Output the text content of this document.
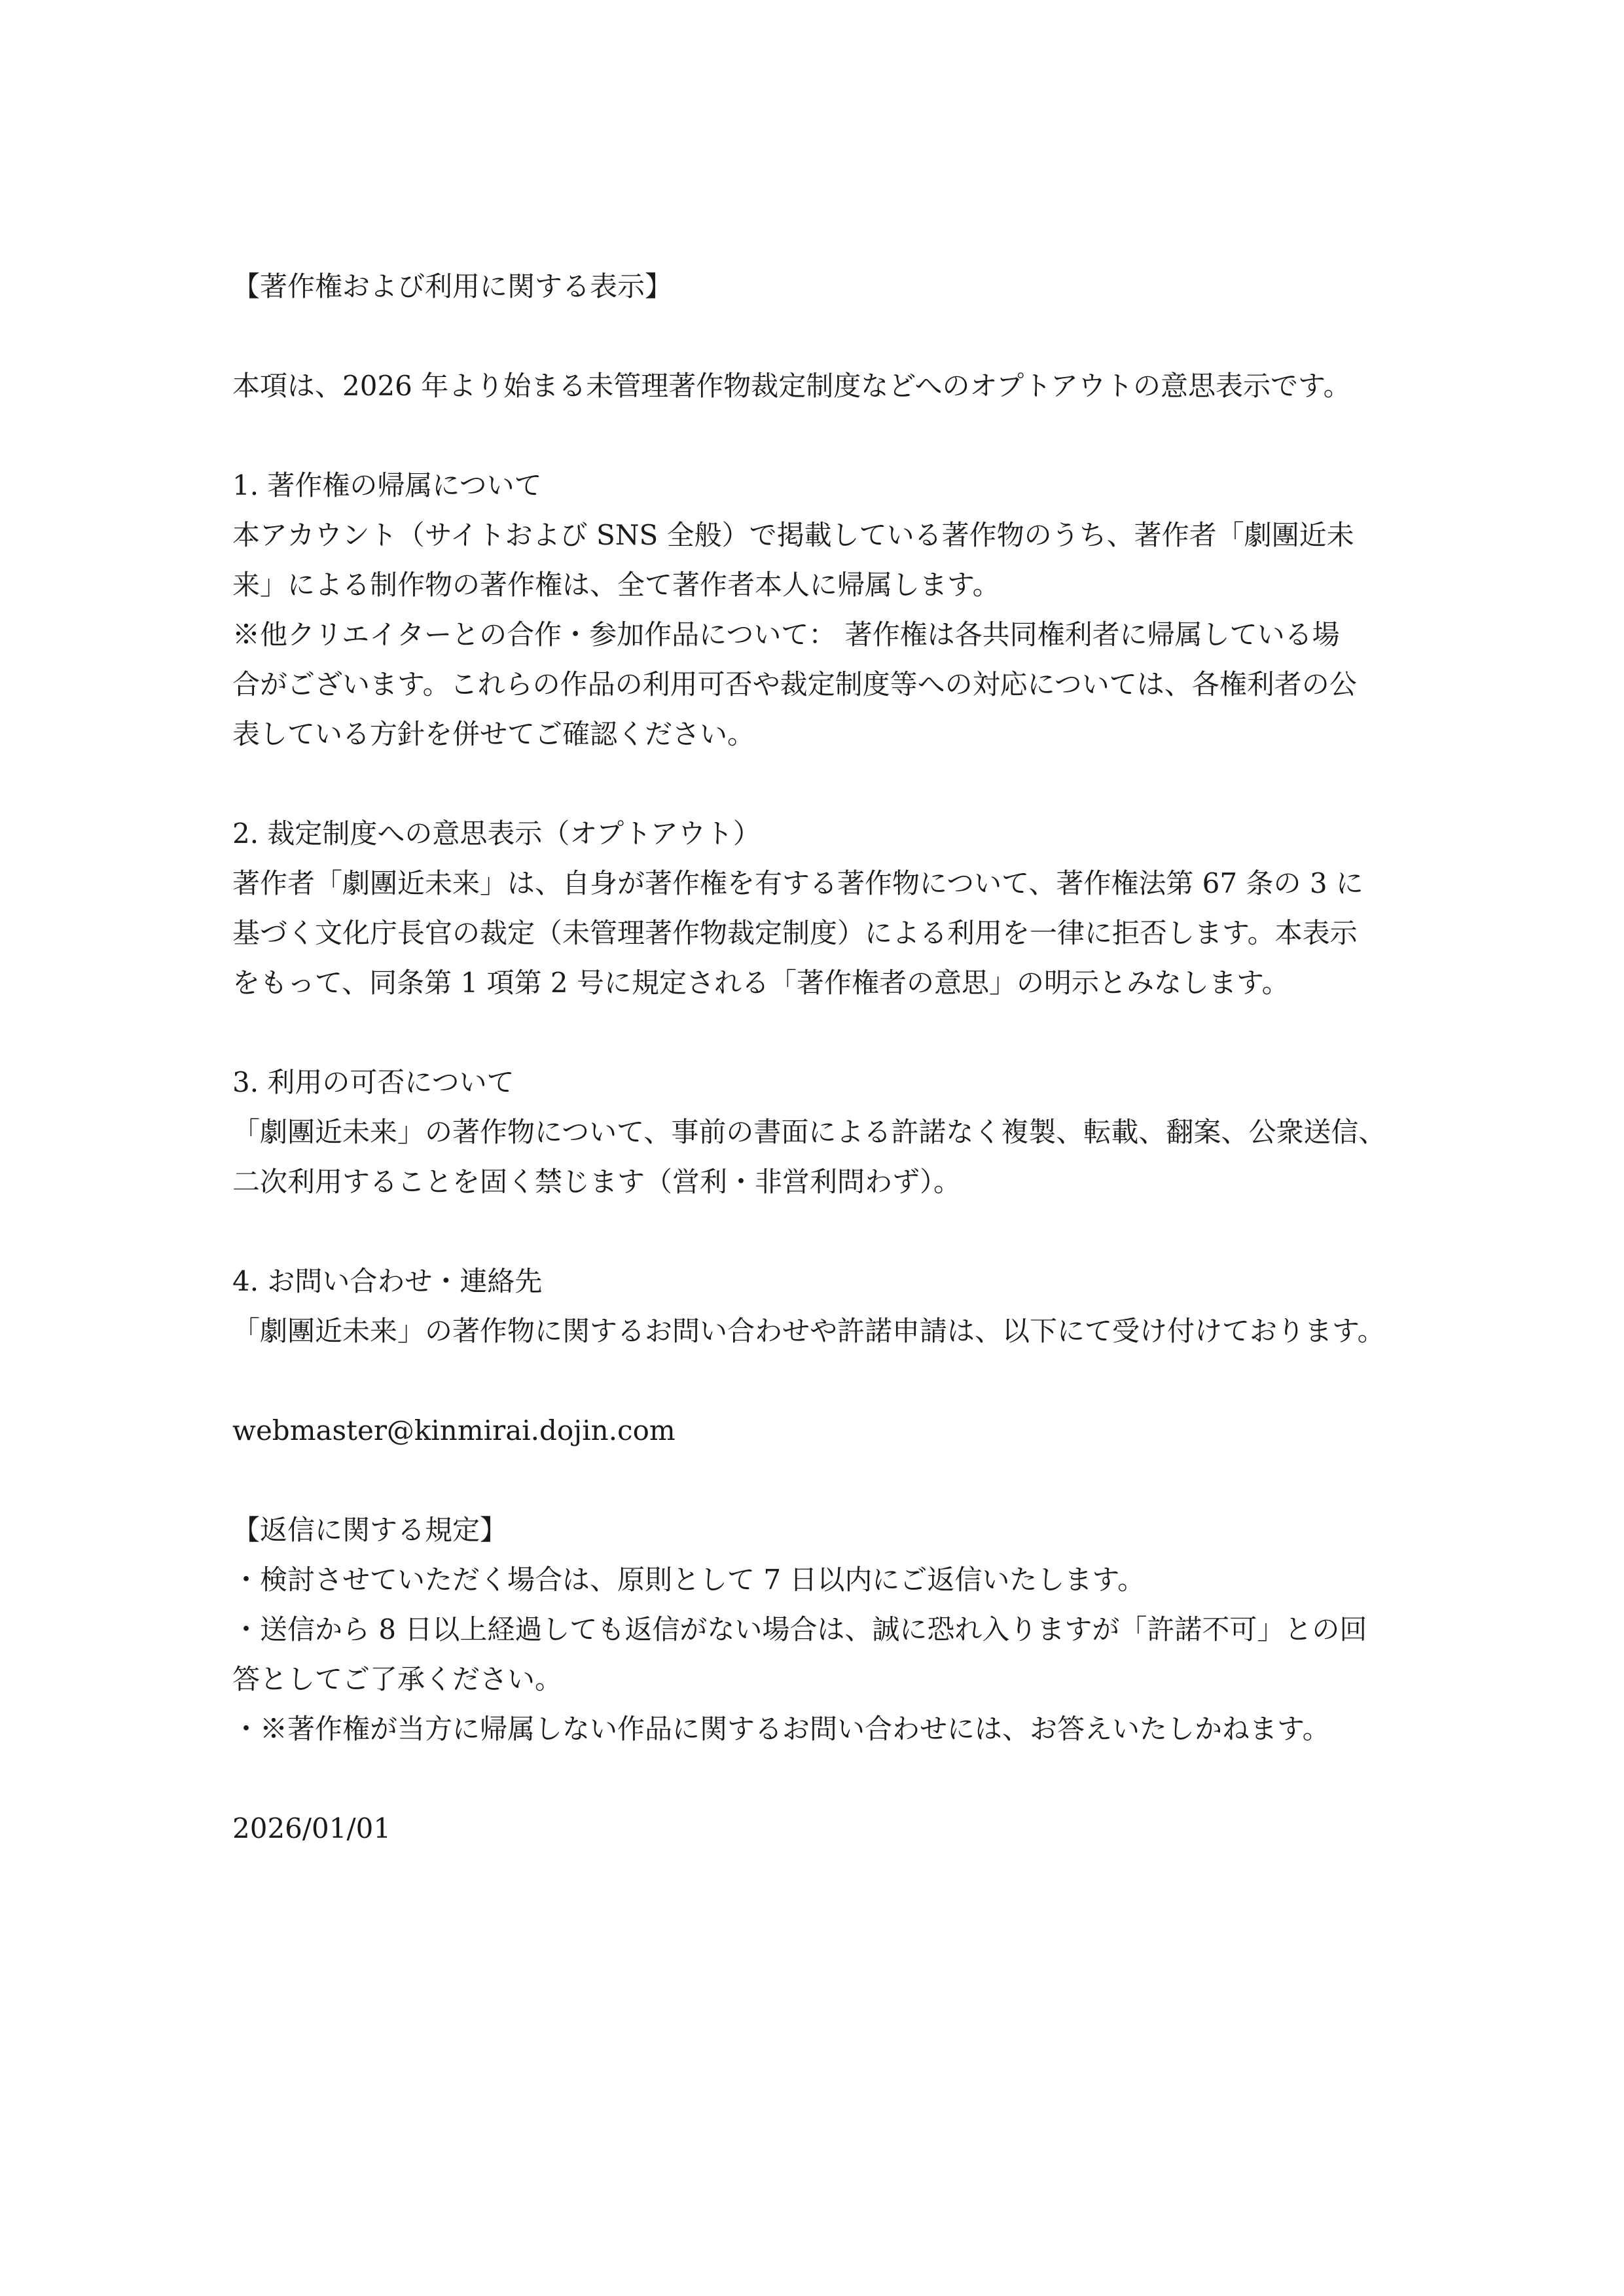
【著作権および利用に関する表示】
本項は、2026 年より始まる未管理著作物裁定制度などへのオプトアウトの意思表示です。
1. 著作権の帰属について
本アカウント（サイトおよび SNS 全般）で掲載している著作物のうち、著作者「劇團近未
来」による制作物の著作権は、全て著作者本人に帰属します。
※他クリエイターとの合作・参加作品について： 著作権は各共同権利者に帰属している場
合がございます。これらの作品の利用可否や裁定制度等への対応については、各権利者の公
表している方針を併せてご確認ください。
2. 裁定制度への意思表示（オプトアウト）
著作者「劇團近未来」は、自身が著作権を有する著作物について、著作権法第 67 条の 3 に
基づく文化庁長官の裁定（未管理著作物裁定制度）による利用を一律に拒否します。本表示
をもって、同条第 1 項第 2 号に規定される「著作権者の意思」の明示とみなします。
3. 利用の可否について
「劇團近未来」の著作物について、事前の書面による許諾なく複製、転載、翻案、公衆送信、
二次利用することを固く禁じます（営利・非営利問わず）。
4. お問い合わせ・連絡先
「劇團近未来」の著作物に関するお問い合わせや許諾申請は、以下にて受け付けております。
webmaster@kinmirai.dojin.com
【返信に関する規定】
・検討させていただく場合は、原則として 7 日以内にご返信いたします。
・送信から 8 日以上経過しても返信がない場合は、誠に恐れ入りますが「許諾不可」との回
答としてご了承ください。
・※著作権が当方に帰属しない作品に関するお問い合わせには、お答えいたしかねます。
2026/01/01
